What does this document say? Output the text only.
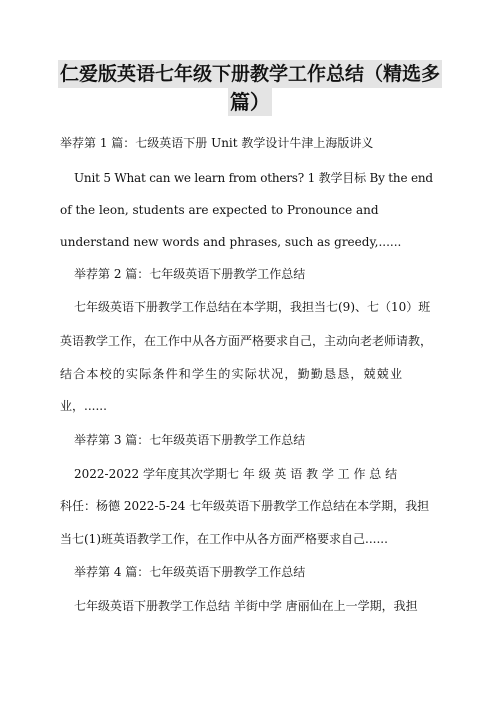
仁爱版英语七年级下册教学工作总结（精选多
篇）
举荐第 1 篇：七级英语下册 Unit 教学设计牛津上海版讲义
Unit 5 What can we learn from others? 1 教学目标 By the end
of the leon, students are expected to Pronounce and
understand new words and phrases, such as greedy,......
举荐第 2 篇：七年级英语下册教学工作总结
七年级英语下册教学工作总结在本学期，我担当七(9)、七（10）班
英语教学工作，在工作中从各方面严格要求自己，主动向老老师请教，
结合本校的实际条件和学生的实际状况，勤勤恳恳，兢兢业
业，......
举荐第 3 篇：七年级英语下册教学工作总结
2022-2022 学年度其次学期七 年 级 英 语 教 学 工 作 总 结
科任：杨德 2022-5-24 七年级英语下册教学工作总结在本学期，我担
当七(1)班英语教学工作，在工作中从各方面严格要求自己......
举荐第 4 篇：七年级英语下册教学工作总结
七年级英语下册教学工作总结 羊街中学 唐丽仙在上一学期，我担
